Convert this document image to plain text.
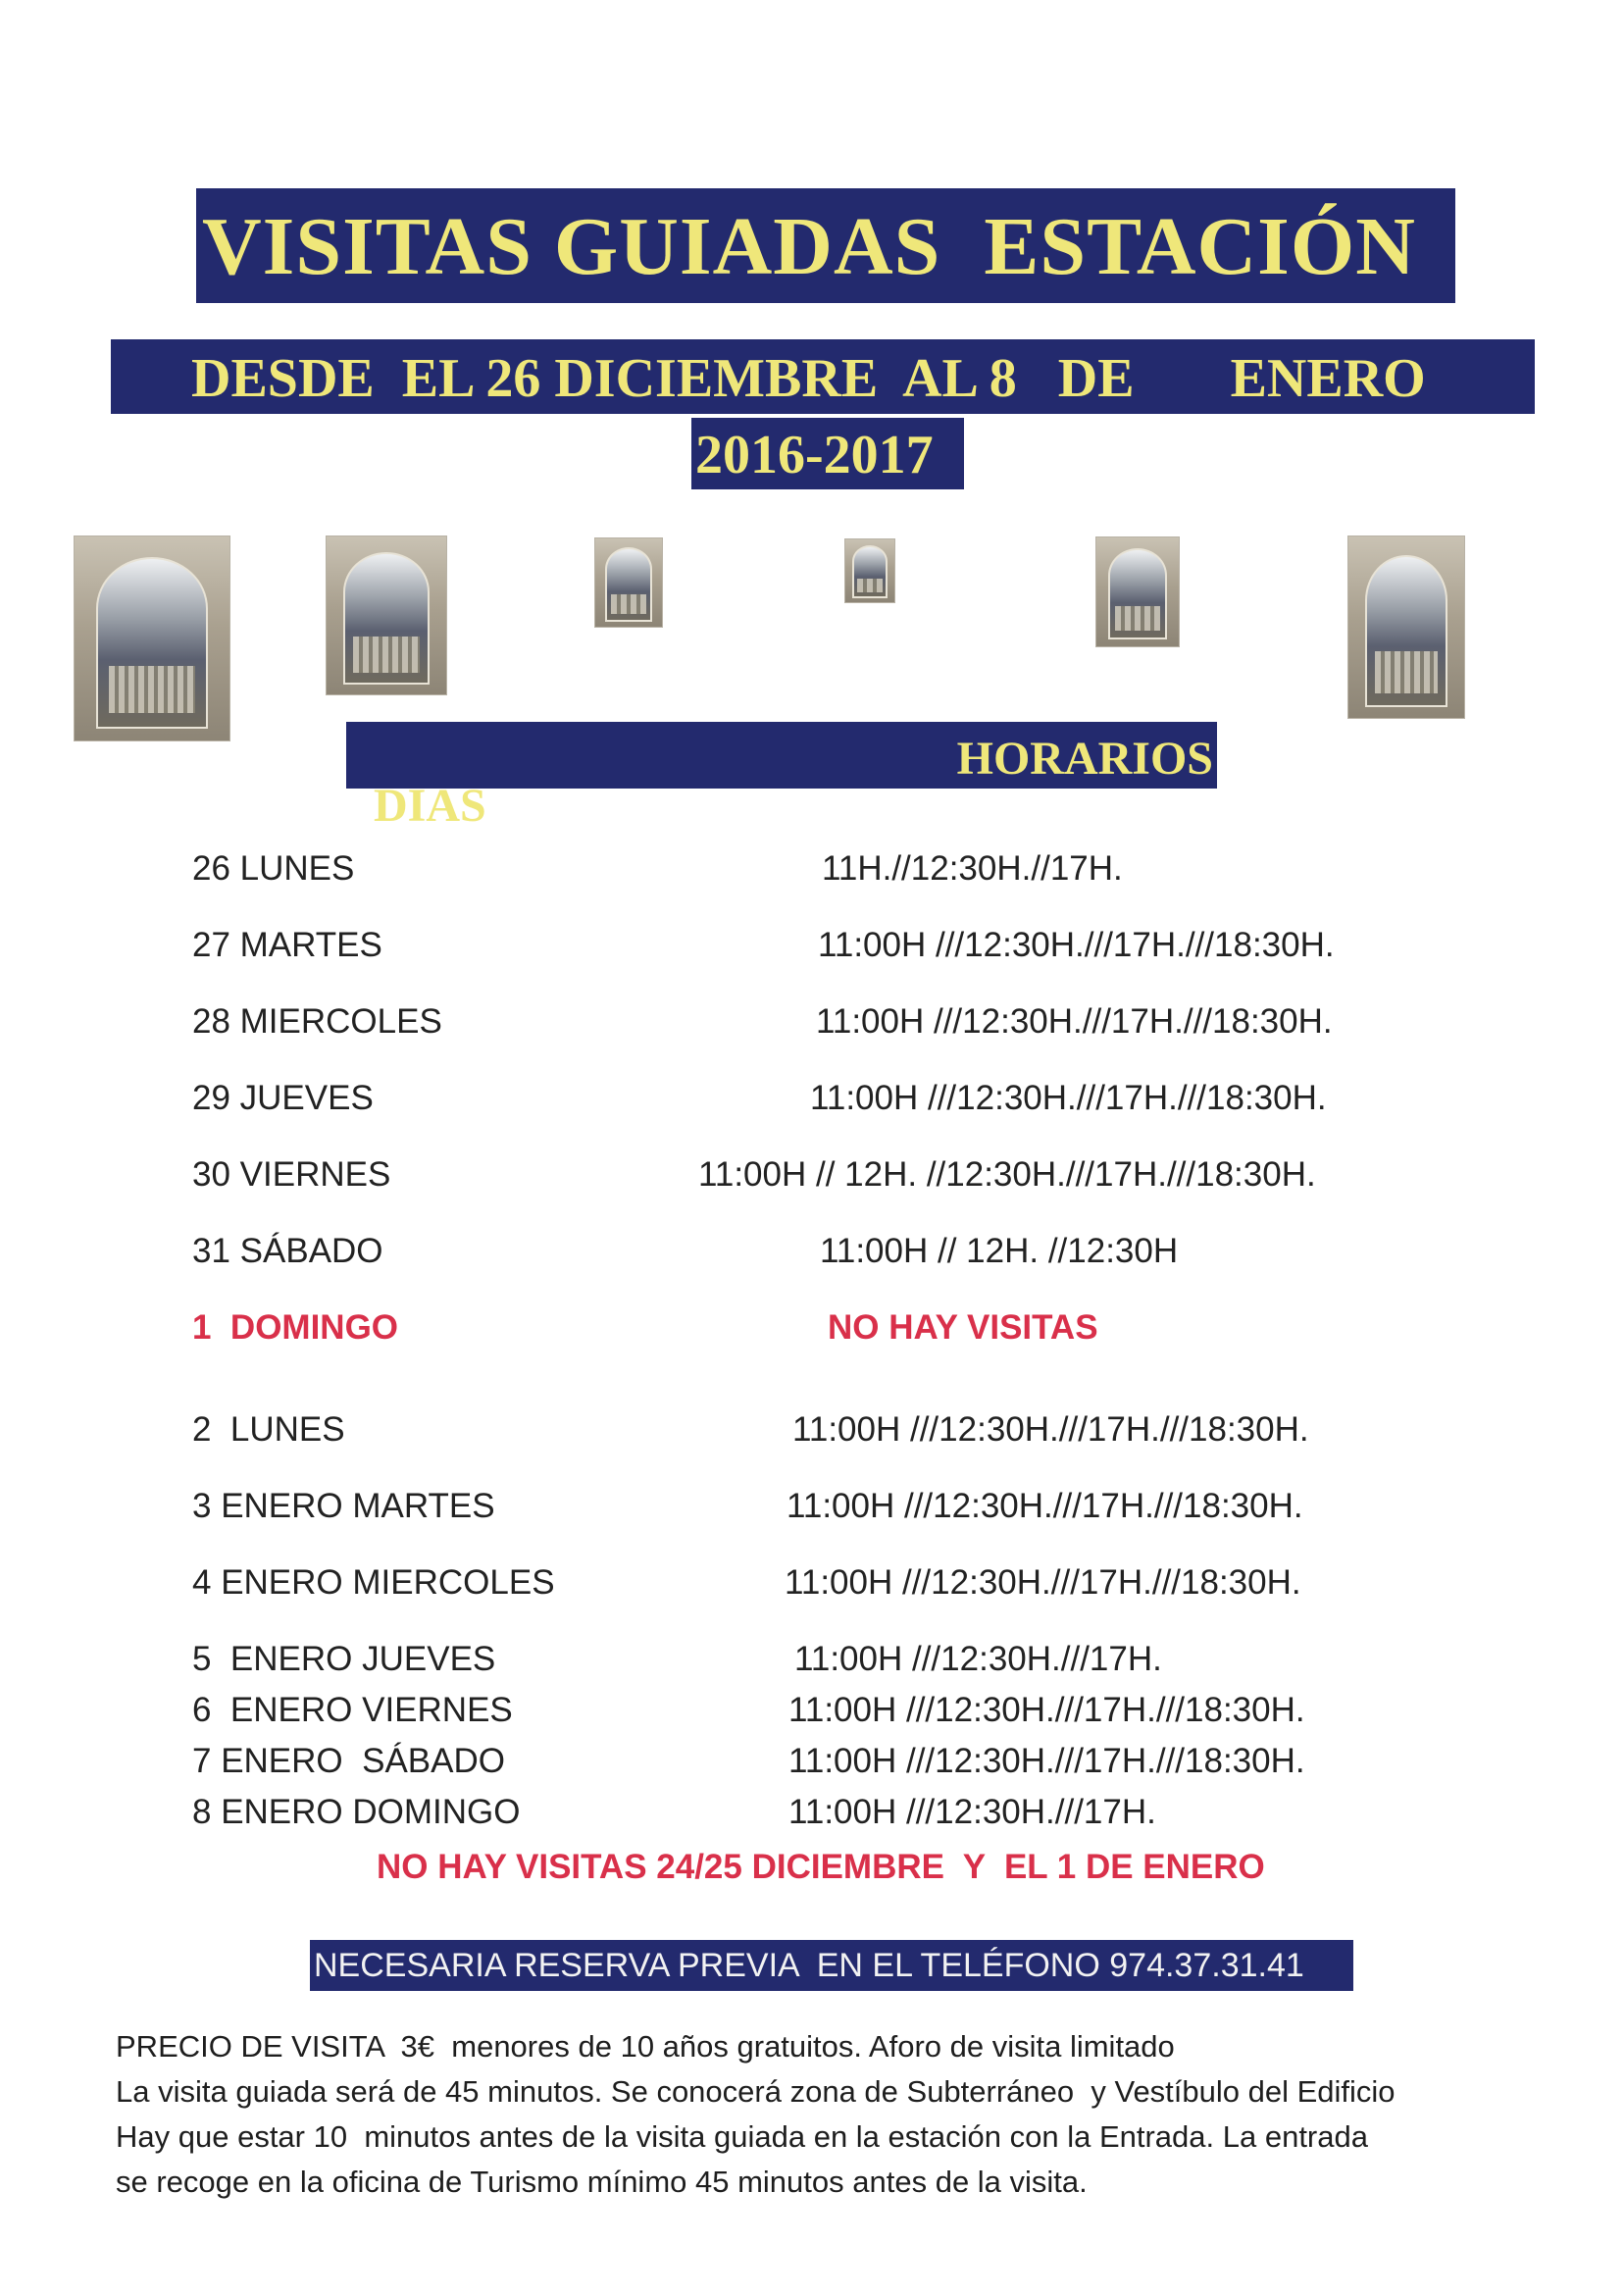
VISITAS GUIADAS  ESTACIÓN
DESDE  EL 26 DICIEMBRE  AL 8   DE       ENERO
2016-2017

DIAS

HORARIOS

26 LUNES	11H.//12:30H.//17H.
27 MARTES	11:00H ///12:30H.///17H.///18:30H.
28 MIERCOLES	11:00H ///12:30H.///17H.///18:30H.
29 JUEVES	11:00H ///12:30H.///17H.///18:30H.
30 VIERNES	11:00H // 12H. //12:30H.///17H.///18:30H.
31 SÁBADO	11:00H // 12H. //12:30H
1  DOMINGO	NO HAY VISITAS
2  LUNES	11:00H ///12:30H.///17H.///18:30H.
3 ENERO MARTES	11:00H ///12:30H.///17H.///18:30H.
4 ENERO MIERCOLES	11:00H ///12:30H.///17H.///18:30H.
5  ENERO JUEVES	11:00H ///12:30H.///17H.
6  ENERO VIERNES	11:00H ///12:30H.///17H.///18:30H.
7 ENERO  SÁBADO	11:00H ///12:30H.///17H.///18:30H.
8 ENERO DOMINGO	11:00H ///12:30H.///17H.
NO HAY VISITAS 24/25 DICIEMBRE  Y  EL 1 DE ENERO
NECESARIA RESERVA PREVIA  EN EL TELÉFONO 974.37.31.41
PRECIO DE VISITA  3€  menores de 10 años gratuitos. Aforo de visita limitado
La visita guiada será de 45 minutos. Se conocerá zona de Subterráneo  y Vestíbulo del Edificio
Hay que estar 10  minutos antes de la visita guiada en la estación con la Entrada. La entrada
se recoge en la oficina de Turismo mínimo 45 minutos antes de la visita.
